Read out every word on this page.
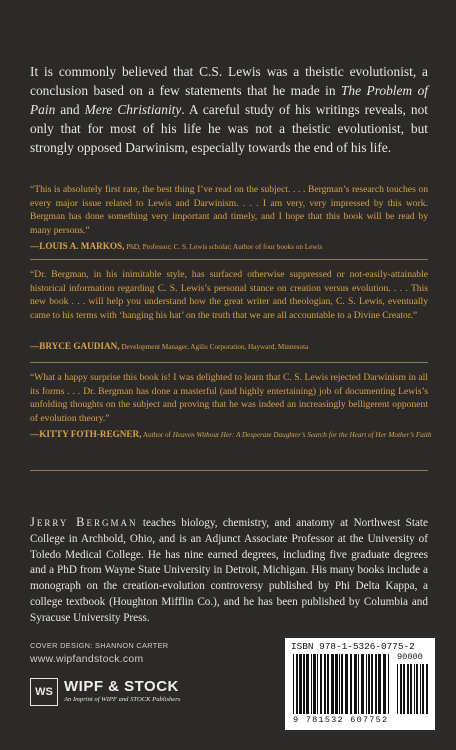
It is commonly believed that C.S. Lewis was a theistic evolutionist, a conclusion based on a few statements that he made in The Problem of Pain and Mere Christianity. A careful study of his writings reveals, not only that for most of his life he was not a theistic evolutionist, but strongly opposed Darwinism, especially towards the end of his life.
“This is absolutely first rate, the best thing I’ve read on the subject. . . . Bergman’s research touches on every major issue related to Lewis and Darwinism. . . . I am very, very impressed by this work. Bergman has done something very important and timely, and I hope that this book will be read by many persons.”
—LOUIS A. MARKOS, PhD, Professor; C. S. Lewis scholar; Author of four books on Lewis
“Dr. Bergman, in his inimitable style, has surfaced otherwise suppressed or not-easily-attainable historical information regarding C. S. Lewis’s personal stance on creation versus evolution. . . . This new book . . . will help you understand how the great writer and theologian, C. S. Lewis, eventually came to his terms with ‘hanging his hat’ on the truth that we are all accountable to a Divine Creator.”
—BRYCE GAUDIAN, Development Manager, Agilis Corporation, Hayward, Minnesota
“What a happy surprise this book is! I was delighted to learn that C. S. Lewis rejected Darwinism in all its forms . . . Dr. Bergman has done a masterful (and highly entertaining) job of documenting Lewis’s unfolding thoughts on the subject and proving that he was indeed an increasingly belligerent opponent of evolution theory.”
—KITTY FOTH-REGNER, Author of Heaven Without Her: A Desperate Daughter’s Search for the Heart of Her Mother’s Faith
Jerry Bergman teaches biology, chemistry, and anatomy at Northwest State College in Archbold, Ohio, and is an Adjunct Associate Professor at the University of Toledo Medical College. He has nine earned degrees, including five graduate degrees and a PhD from Wayne State University in Detroit, Michigan. His many books include a monograph on the creation-evolution controversy published by Phi Delta Kappa, a college textbook (Houghton Mifflin Co.), and he has been published by Columbia and Syracuse University Press.
COVER DESIGN: SHANNON CARTER
www.wipfandstock.com
WS WIPF & STOCK
An Imprint of WIPF and STOCK Publishers
ISBN 978-1-5326-0775-2
90000
9 781532 607752
